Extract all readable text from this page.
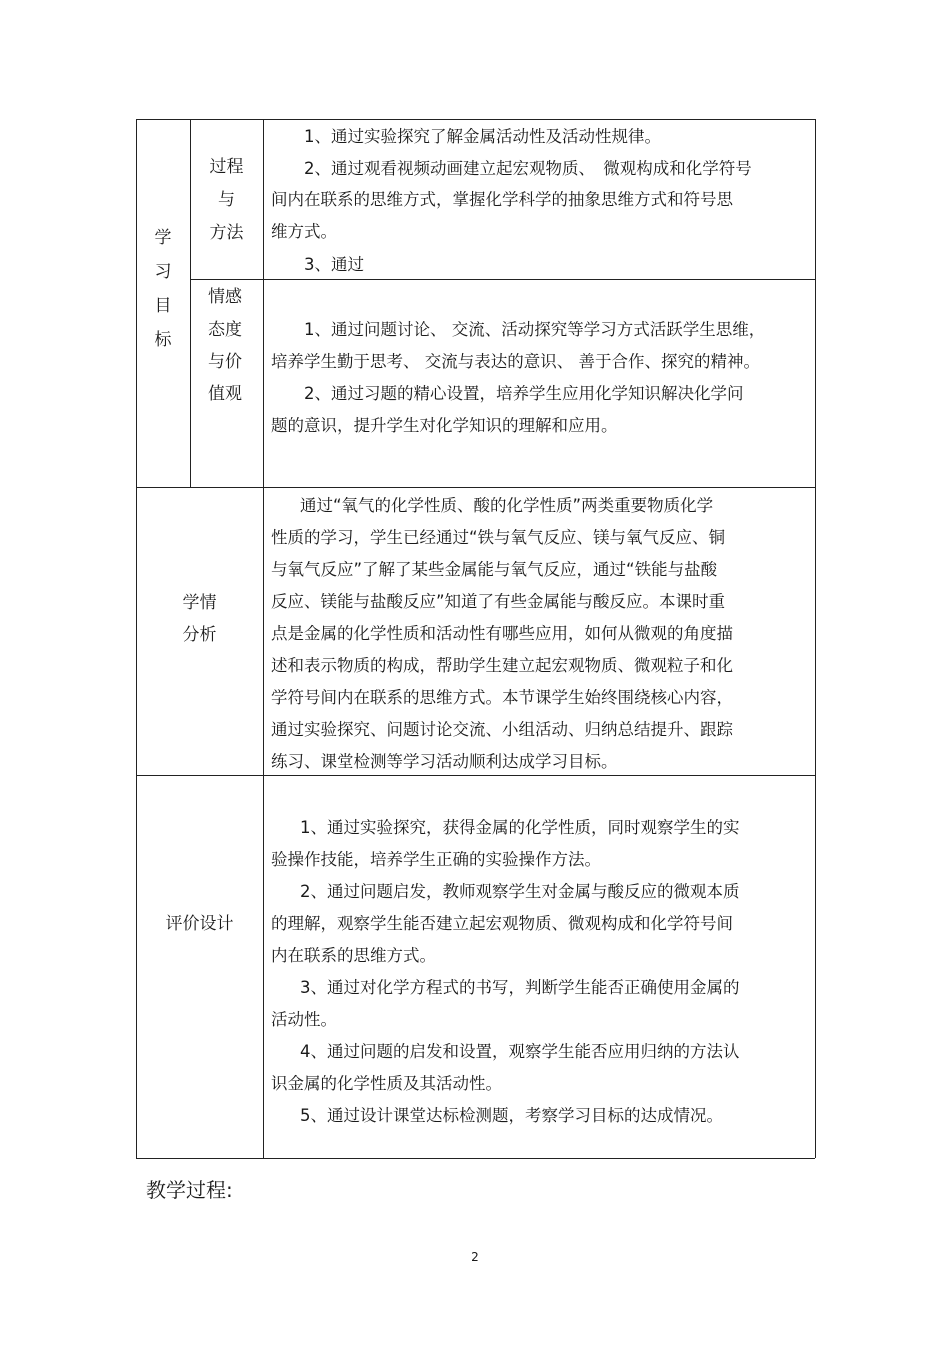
学
习
目
标
过程
与
方法
1、通过实验探究了解金属活动性及活动性规律。
2、通过观看视频动画建立起宏观物质、　微观构成和化学符号
间内在联系的思维方式，掌握化学科学的抽象思维方式和符号思
维方式。
3、通过
情感
态度
与价
值观
1、通过问题讨论、 交流、活动探究等学习方式活跃学生思维，
培养学生勤于思考、 交流与表达的意识、 善于合作、探究的精神。
2、通过习题的精心设置，培养学生应用化学知识解决化学问
题的意识，提升学生对化学知识的理解和应用。
学情
分析
通过“氧气的化学性质、酸的化学性质”两类重要物质化学
性质的学习，学生已经通过“铁与氧气反应、镁与氧气反应、铜
与氧气反应”了解了某些金属能与氧气反应，通过“铁能与盐酸
反应、镁能与盐酸反应”知道了有些金属能与酸反应。本课时重
点是金属的化学性质和活动性有哪些应用，如何从微观的角度描
述和表示物质的构成，帮助学生建立起宏观物质、微观粒子和化
学符号间内在联系的思维方式。本节课学生始终围绕核心内容，
通过实验探究、问题讨论交流、小组活动、归纳总结提升、跟踪
练习、课堂检测等学习活动顺利达成学习目标。
评价设计
1、通过实验探究，获得金属的化学性质，同时观察学生的实
验操作技能，培养学生正确的实验操作方法。
2、通过问题启发，教师观察学生对金属与酸反应的微观本质
的理解，观察学生能否建立起宏观物质、微观构成和化学符号间
内在联系的思维方式。
3、通过对化学方程式的书写，判断学生能否正确使用金属的
活动性。
4、通过问题的启发和设置，观察学生能否应用归纳的方法认
识金属的化学性质及其活动性。
5、通过设计课堂达标检测题，考察学习目标的达成情况。
教学过程:
2
